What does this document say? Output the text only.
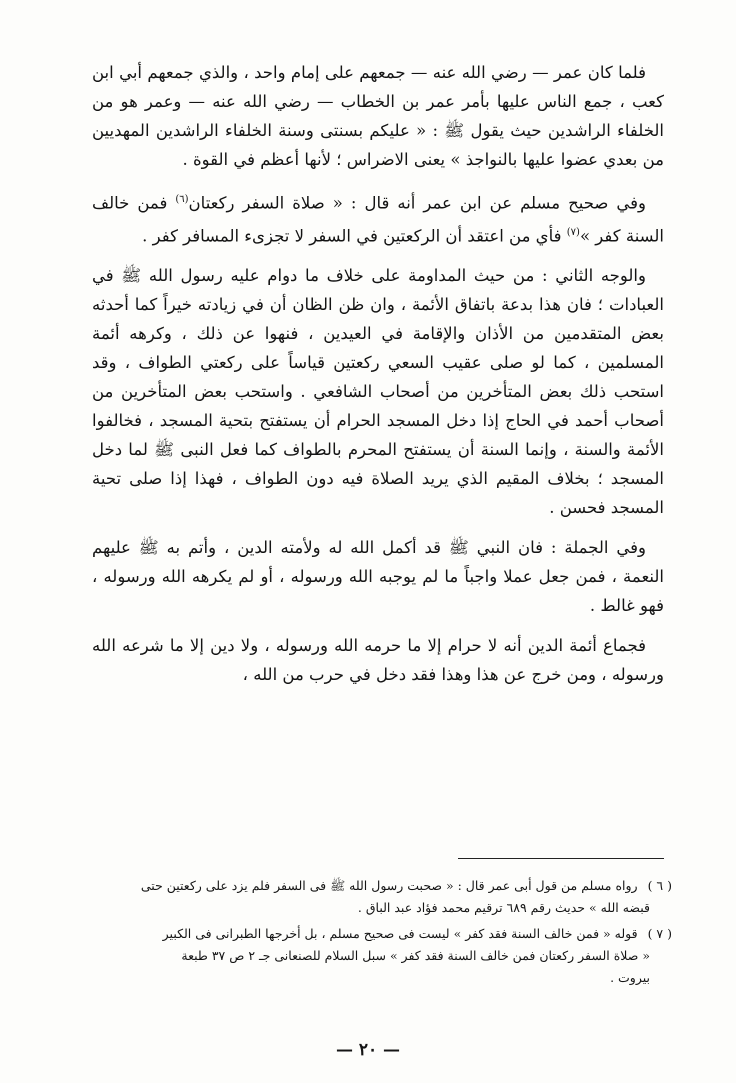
فلما كان عمر — رضي الله عنه — جمعهم على إمام واحد ، والذي جمعهم أبي ابن كعب ، جمع الناس عليها بأمر عمر بن الخطاب — رضي الله عنه — وعمر هو من الخلفاء الراشدين حيث يقول ﷺ : « عليكم بسنتى وسنة الخلفاء الراشدين المهديين من بعدي عضوا عليها بالنواجذ » يعنى الاضراس ؛ لأنها أعظم في القوة .

وفي صحيح مسلم عن ابن عمر أنه قال : « صلاة السفر ركعتان$^{(٦)}$ فمن خالف السنة كفر »$^{(٧)}$ فأي من اعتقد أن الركعتين في السفر لا تجزىء المسافر كفر .

والوجه الثاني : من حيث المداومة على خلاف ما دوام عليه رسول الله ﷺ في العبادات ؛ فان هذا بدعة باتفاق الأئمة ، وان ظن الظان أن في زيادته خيراً كما أحدثه بعض المتقدمين من الأذان والإقامة في العيدين ، فنهوا عن ذلك ، وكرهه أئمة المسلمين ، كما لو صلى عقيب السعي ركعتين قياساً على ركعتي الطواف ، وقد استحب ذلك بعض المتأخرين من أصحاب الشافعي . واستحب بعض المتأخرين من أصحاب أحمد في الحاج إذا دخل المسجد الحرام أن يستفتح بتحية المسجد ، فخالفوا الأئمة والسنة ، وإنما السنة أن يستفتح المحرم بالطواف كما فعل النبى ﷺ لما دخل المسجد ؛ بخلاف المقيم الذي يريد الصلاة فيه دون الطواف ، فهذا إذا صلى تحية المسجد فحسن .

وفي الجملة : فان النبي ﷺ قد أكمل الله له ولأمته الدين ، وأتم به ﷺ عليهم النعمة ، فمن جعل عملا واجباً ما لم يوجبه الله ورسوله ، أو لم يكرهه الله ورسوله ، فهو غالط .

فجماع أئمة الدين أنه لا حرام إلا ما حرمه الله ورسوله ، ولا دين إلا ما شرعه الله ورسوله ، ومن خرج عن هذا وهذا فقد دخل في حرب من الله ،

( ٦ ) رواه مسلم من قول أبى عمر قال : « صحبت رسول الله ﷺ فى السفر فلم يزد على ركعتين حتى
قبضه الله » حديث رقم ٦٨٩ ترقيم محمد فؤاد عبد الباق .
( ٧ ) قوله « فمن خالف السنة فقد كفر » ليست فى صحيح مسلم ، بل أخرجها الطبرانى فى الكبير
« صلاة السفر ركعتان فمن خالف السنة فقد كفر » سبل السلام للصنعانى جـ ٢ ص ٣٧ طبعة
بيروت .
— ٢٠ —
